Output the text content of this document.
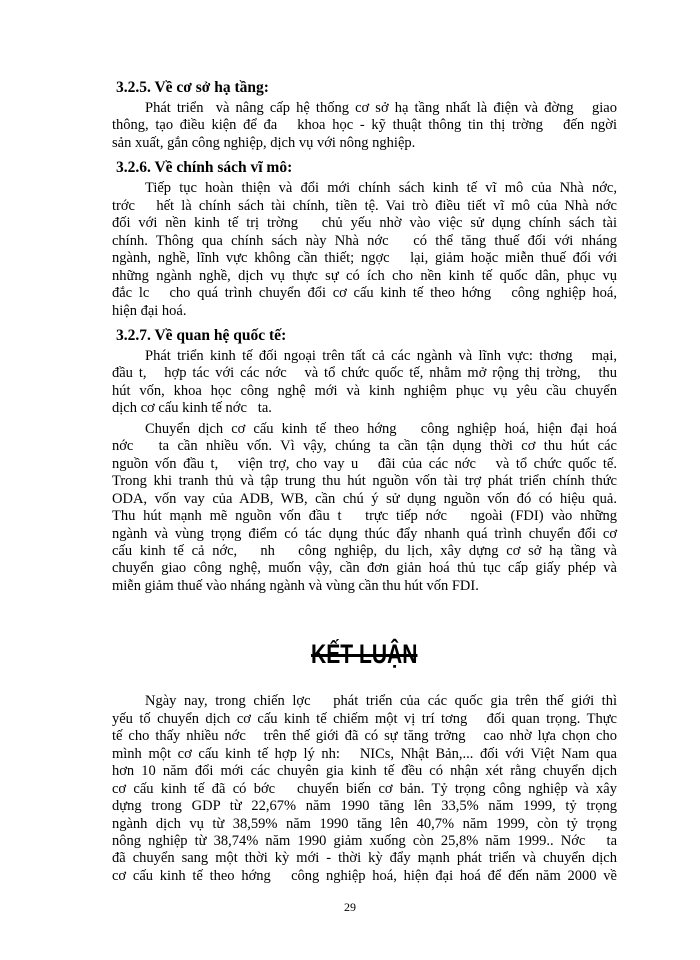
3.2.5. Về cơ sở hạ tầng:
Phát triển  và nâng cấp hệ thống cơ sở hạ tầng nhất là điện và đờng   giao
thông, tạo điều kiện để đa   khoa học - kỹ thuật thông tin thị trờng   đến ngời
sản xuất, gắn công nghiệp, dịch vụ với nông nghiệp.
3.2.6. Về chính sách vĩ mô:
Tiếp tục hoàn thiện và đổi mới chính sách kinh tế vĩ mô của Nhà nớc,
trớc   hết là chính sách tài chính, tiền tệ. Vai trò điều tiết vĩ mô của Nhà nớc
đối với nền kinh tế trị trờng   chủ yếu nhờ vào việc sử dụng chính sách tài
chính. Thông qua chính sách này Nhà nớc   có thể tăng thuế đối với nháng
ngành, nghề, lĩnh vực không cần thiết; ngợc   lại, giảm hoặc miễn thuế đối với
những ngành nghề, dịch vụ thực sự có ích cho nền kinh tế quốc dân, phục vụ
đắc lc   cho quá trình chuyển đổi cơ cấu kinh tế theo hớng   công nghiệp hoá,
hiện đại hoá.
3.2.7. Về quan hệ quốc tế:
Phát triển kinh tế đối ngoại trên tất cả các ngành và lĩnh vực: thơng   mại,
đầu t,   hợp tác với các nớc   và tổ chức quốc tế, nhằm mở rộng thị trờng,   thu
hút vốn, khoa học công nghệ mới và kinh nghiệm phục vụ yêu cầu chuyển
dịch cơ cấu kinh tế nớc   ta.
Chuyển dịch cơ cấu kinh tế theo hớng   công nghiệp hoá, hiện đại hoá
nớc   ta cần nhiều vốn. Vì vậy, chúng ta cần tận dụng thời cơ thu hút các
nguồn vốn đầu t,   viện trợ, cho vay u   đãi của các nớc   và tổ chức quốc tế.
Trong khi tranh thủ và tập trung thu hút nguồn vốn tài trợ phát triển chính thức
ODA, vốn vay của ADB, WB, cần chú ý sử dụng nguồn vốn đó có hiệu quả.
Thu hút mạnh mẽ nguồn vốn đầu t   trực tiếp nớc   ngoài (FDI) vào những
ngành và vùng trọng điểm có tác dụng thúc đẩy nhanh quá trình chuyển đổi cơ
cấu kinh tế cả nớc,   nh   công nghiệp, du lịch, xây dựng cơ sở hạ tầng và
chuyển giao công nghệ, muốn vậy, cần đơn giản hoá thủ tục cấp giấy phép và
miễn giảm thuế vào nháng ngành và vùng cần thu hút vốn FDI.
KẾT LUẬN
Ngày nay, trong chiến lợc   phát triển của các quốc gia trên thế giới thì
yếu tố chuyển dịch cơ cấu kinh tế chiếm một vị trí tơng   đối quan trọng. Thực
tế cho thấy nhiều nớc   trên thế giới đã có sự tăng trởng   cao nhờ lựa chọn cho
mình một cơ cấu kinh tế hợp lý nh:   NICs, Nhật Bản,... đối với Việt Nam qua
hơn 10 năm đổi mới các chuyên gia kinh tế đều có nhận xét rằng chuyển dịch
cơ cấu kinh tế đã có bớc   chuyển biến cơ bản. Tỷ trọng công nghiệp và xây
dựng trong GDP từ 22,67% năm 1990 tăng lên 33,5% năm 1999, tỷ trọng
ngành dịch vụ từ 38,59% năm 1990 tăng lên 40,7% năm 1999, còn tỷ trọng
nông nghiệp từ 38,74% năm 1990 giảm xuống còn 25,8% năm 1999.. Nớc   ta
đã chuyển sang một thời kỳ mới - thời kỳ đẩy mạnh phát triển và chuyển dịch
cơ cấu kinh tế theo hớng   công nghiệp hoá, hiện đại hoá để đến năm 2000 về
29
